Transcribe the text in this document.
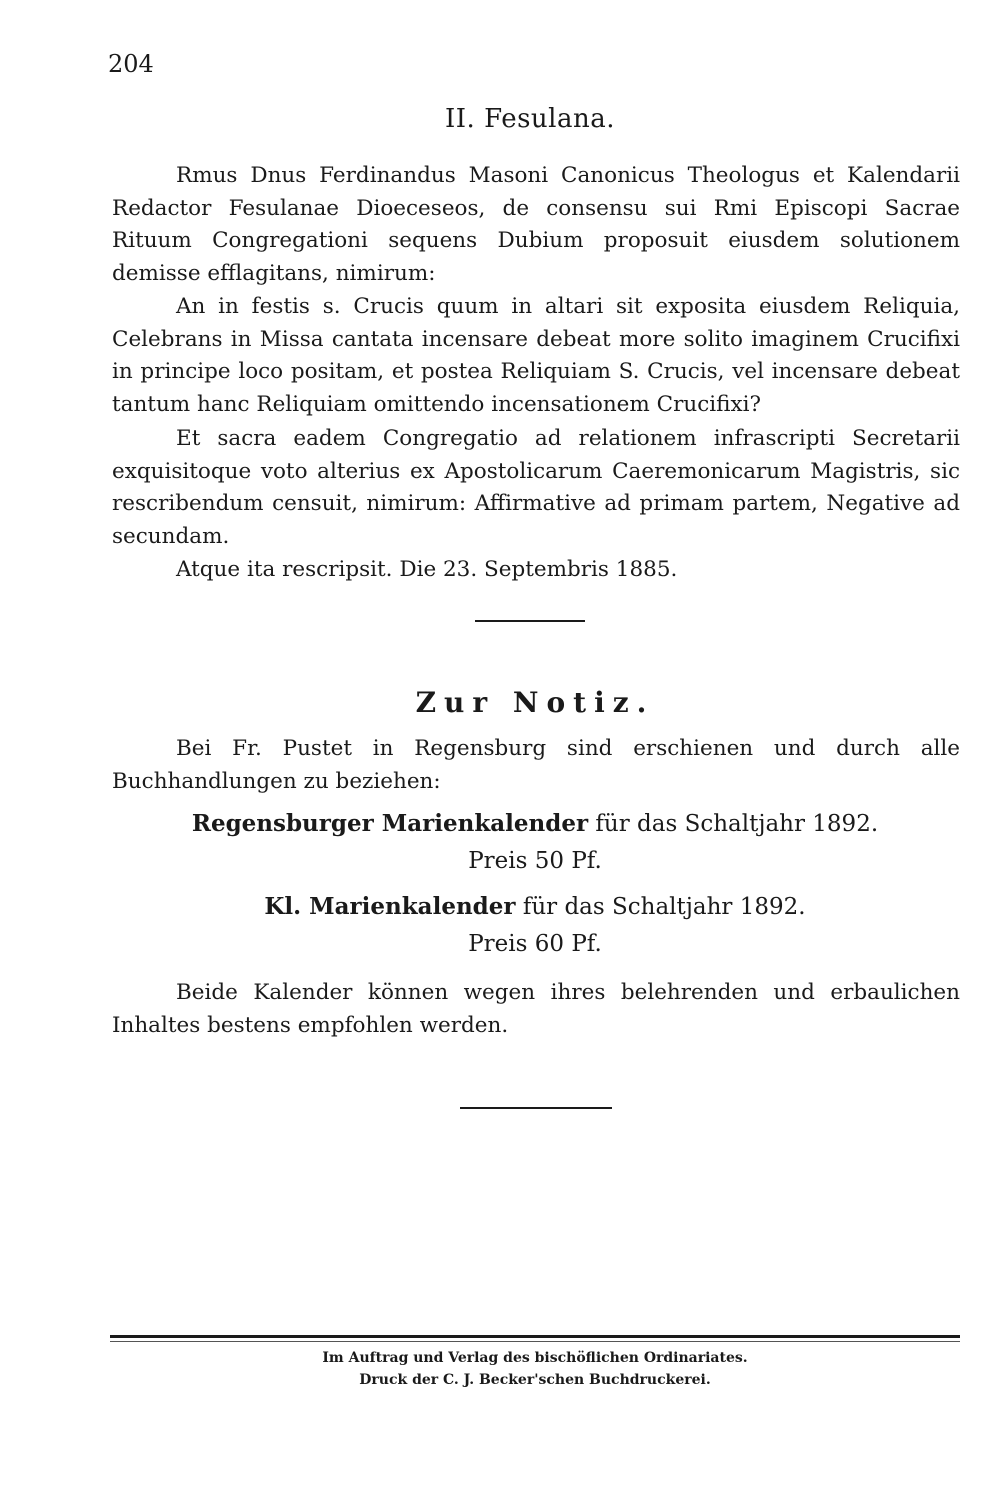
204
II. Fesulana.
Rmus Dnus Ferdinandus Masoni Canonicus Theologus et Kalendarii Redactor Fesulanae Dioeceseos, de consensu sui Rmi Episcopi Sacrae Rituum Congregationi sequens Dubium proposuit eiusdem solutionem demisse efflagitans, nimirum:
An in festis s. Crucis quum in altari sit exposita eiusdem Reliquia, Celebrans in Missa cantata incensare debeat more solito imaginem Crucifixi in principe loco positam, et postea Reliquiam S. Crucis, vel incensare debeat tantum hanc Reliquiam omittendo incensationem Crucifixi?
Et sacra eadem Congregatio ad relationem infrascripti Secretarii exquisitoque voto alterius ex Apostolicarum Caeremonicarum Magistris, sic rescribendum censuit, nimirum: Affirmative ad primam partem, Negative ad secundam.
Atque ita rescripsit. Die 23. Septembris 1885.
Zur Notiz.
Bei Fr. Pustet in Regensburg sind erschienen und durch alle Buchhandlungen zu beziehen:
Regensburger Marienkalender für das Schaltjahr 1892.
Preis 50 Pf.
Kl. Marienkalender für das Schaltjahr 1892.
Preis 60 Pf.
Beide Kalender können wegen ihres belehrenden und erbaulichen Inhaltes bestens empfohlen werden.
Im Auftrag und Verlag des bischöflichen Ordinariates.
Druck der C. J. Becker'schen Buchdruckerei.
